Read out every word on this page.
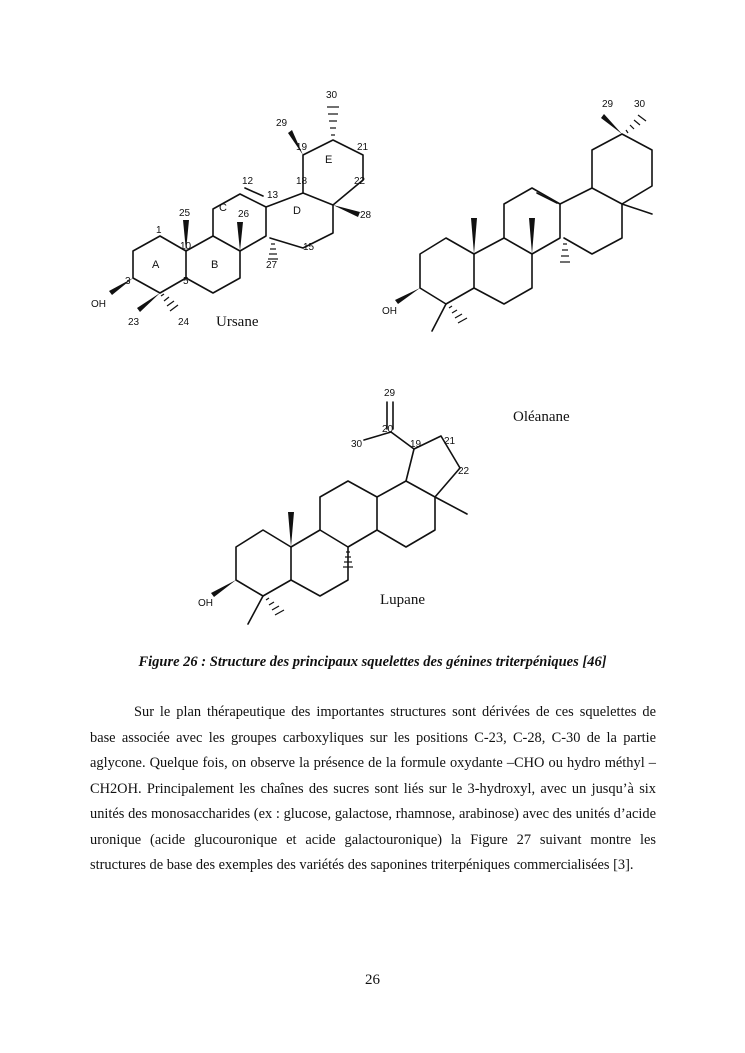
1
3	5
10
12
13
15
18
19	21
22
23	24
25	26
27
28
29
30
OH
A	B
C	D
E
Ursane
29 30
OH
Oléanane
29
20
30	19 21
22
OH	Lupane
Figure 26 : Structure des principaux squelettes des génines triterpéniques [46]

Sur le plan thérapeutique des importantes structures sont dérivées de ces squelettes de base associée avec les groupes carboxyliques sur les positions C-23, C-28, C-30 de la partie aglycone. Quelque fois, on observe la présence de la formule oxydante –CHO ou hydro méthyl –CH2OH. Principalement les chaînes des sucres sont liés sur le 3-hydroxyl, avec un jusqu’à six unités des monosaccharides (ex : glucose, galactose, rhamnose, arabinose) avec des unités d’acide uronique (acide glucouronique et acide galactouronique) la Figure 27 suivant montre les structures de base des exemples des variétés des saponines triterpéniques commercialisées [3].

26
